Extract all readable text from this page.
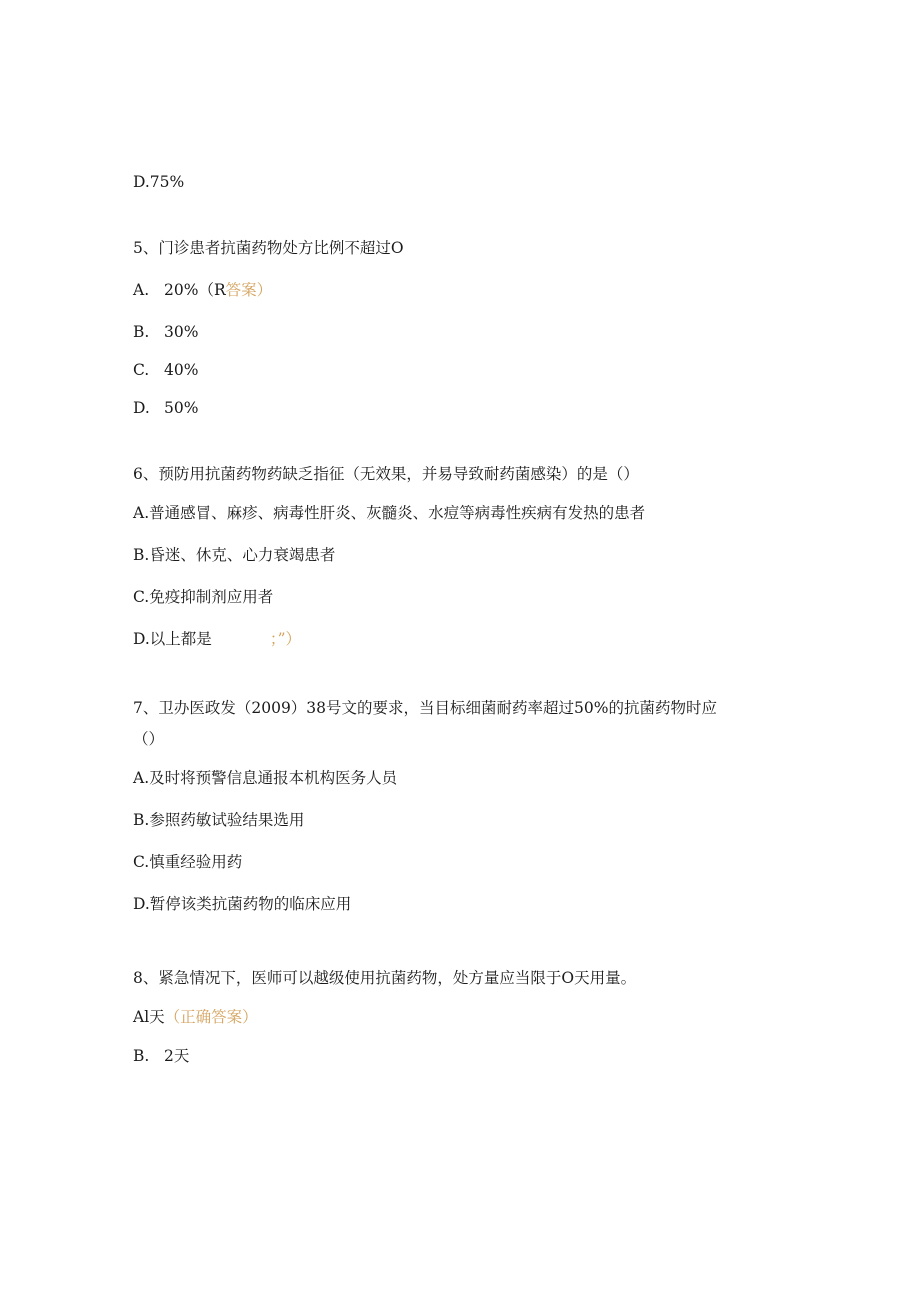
D.75%
5、门诊患者抗菌药物处方比例不超过O
A. 20%（R答案）
B. 30%
C. 40%
D. 50%
6、预防用抗菌药物药缺乏指征（无效果，并易导致耐药菌感染）的是（）
A.普通感冒、麻疹、病毒性肝炎、灰髓炎、水痘等病毒性疾病有发热的患者
B.昏迷、休克、心力衰竭患者
C.免疫抑制剂应用者
D.以上都是	；”）
7、卫办医政发（2009）38号文的要求，当目标细菌耐药率超过50%的抗菌药物时应
（）
A.及时将预警信息通报本机构医务人员
B.参照药敏试验结果选用
C.慎重经验用药
D.暂停该类抗菌药物的临床应用
8、紧急情况下，医师可以越级使用抗菌药物，处方量应当限于O天用量。
Al天（正确答案）
B. 2天
